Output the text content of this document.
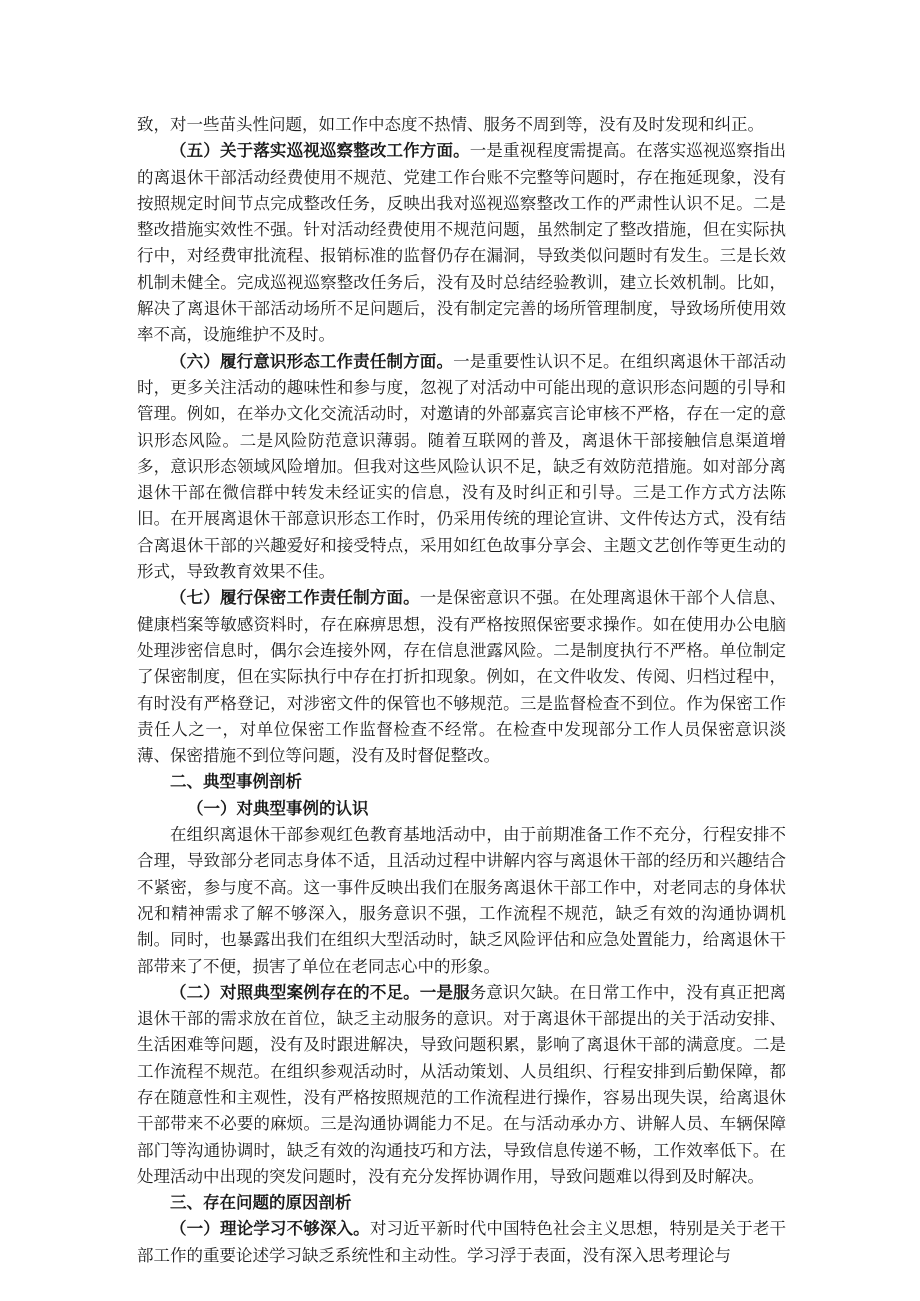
致，对一些苗头性问题，如工作中态度不热情、服务不周到等，没有及时发现和纠正。

（五）关于落实巡视巡察整改工作方面。一是重视程度需提高。在落实巡视巡察指出的离退休干部活动经费使用不规范、党建工作台账不完整等问题时，存在拖延现象，没有按照规定时间节点完成整改任务，反映出我对巡视巡察整改工作的严肃性认识不足。二是整改措施实效性不强。针对活动经费使用不规范问题，虽然制定了整改措施，但在实际执行中，对经费审批流程、报销标准的监督仍存在漏洞，导致类似问题时有发生。三是长效机制未健全。完成巡视巡察整改任务后，没有及时总结经验教训，建立长效机制。比如，解决了离退休干部活动场所不足问题后，没有制定完善的场所管理制度，导致场所使用效率不高，设施维护不及时。

（六）履行意识形态工作责任制方面。一是重要性认识不足。在组织离退休干部活动时，更多关注活动的趣味性和参与度，忽视了对活动中可能出现的意识形态问题的引导和管理。例如，在举办文化交流活动时，对邀请的外部嘉宾言论审核不严格，存在一定的意识形态风险。二是风险防范意识薄弱。随着互联网的普及，离退休干部接触信息渠道增多，意识形态领域风险增加。但我对这些风险认识不足，缺乏有效防范措施。如对部分离退休干部在微信群中转发未经证实的信息，没有及时纠正和引导。三是工作方式方法陈旧。在开展离退休干部意识形态工作时，仍采用传统的理论宣讲、文件传达方式，没有结合离退休干部的兴趣爱好和接受特点，采用如红色故事分享会、主题文艺创作等更生动的形式，导致教育效果不佳。

（七）履行保密工作责任制方面。一是保密意识不强。在处理离退休干部个人信息、健康档案等敏感资料时，存在麻痹思想，没有严格按照保密要求操作。如在使用办公电脑处理涉密信息时，偶尔会连接外网，存在信息泄露风险。二是制度执行不严格。单位制定了保密制度，但在实际执行中存在打折扣现象。例如，在文件收发、传阅、归档过程中，有时没有严格登记，对涉密文件的保管也不够规范。三是监督检查不到位。作为保密工作责任人之一，对单位保密工作监督检查不经常。在检查中发现部分工作人员保密意识淡薄、保密措施不到位等问题，没有及时督促整改。

二、典型事例剖析

（一）对典型事例的认识

在组织离退休干部参观红色教育基地活动中，由于前期准备工作不充分，行程安排不合理，导致部分老同志身体不适，且活动过程中讲解内容与离退休干部的经历和兴趣结合不紧密，参与度不高。这一事件反映出我们在服务离退休干部工作中，对老同志的身体状况和精神需求了解不够深入，服务意识不强，工作流程不规范，缺乏有效的沟通协调机制。同时，也暴露出我们在组织大型活动时，缺乏风险评估和应急处置能力，给离退休干部带来了不便，损害了单位在老同志心中的形象。

（二）对照典型案例存在的不足。一是服务意识欠缺。在日常工作中，没有真正把离退休干部的需求放在首位，缺乏主动服务的意识。对于离退休干部提出的关于活动安排、生活困难等问题，没有及时跟进解决，导致问题积累，影响了离退休干部的满意度。二是工作流程不规范。在组织参观活动时，从活动策划、人员组织、行程安排到后勤保障，都存在随意性和主观性，没有严格按照规范的工作流程进行操作，容易出现失误，给离退休干部带来不必要的麻烦。三是沟通协调能力不足。在与活动承办方、讲解人员、车辆保障部门等沟通协调时，缺乏有效的沟通技巧和方法，导致信息传递不畅，工作效率低下。在处理活动中出现的突发问题时，没有充分发挥协调作用，导致问题难以得到及时解决。

三、存在问题的原因剖析

（一）理论学习不够深入。对习近平新时代中国特色社会主义思想，特别是关于老干部工作的重要论述学习缺乏系统性和主动性。学习浮于表面，没有深入思考理论与
